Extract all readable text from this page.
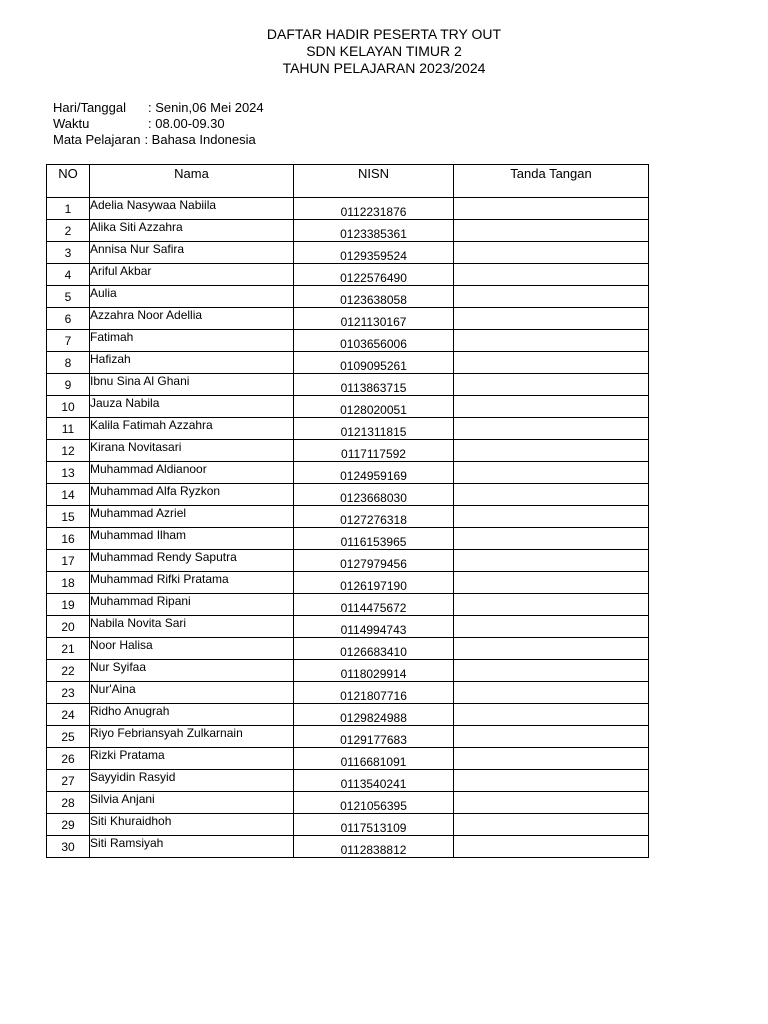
DAFTAR HADIR PESERTA TRY OUT
SDN KELAYAN TIMUR 2
TAHUN PELAJARAN 2023/2024
Hari/Tanggal	: Senin,06 Mei 2024
Waktu	: 08.00-09.30
Mata Pelajaran : Bahasa Indonesia
NO	Nama	NISN	Tanda Tangan
1	Adelia Nasywaa Nabiila	0112231876	
2	Alika Siti Azzahra	0123385361	
3	Annisa Nur Safira	0129359524	
4	Ariful Akbar	0122576490	
5	Aulia	0123638058	
6	Azzahra Noor Adellia	0121130167	
7	Fatimah	0103656006	
8	Hafizah	0109095261	
9	Ibnu Sina Al Ghani	0113863715	
10	Jauza Nabila	0128020051	
11	Kalila Fatimah Azzahra	0121311815	
12	Kirana Novitasari	0117117592	
13	Muhammad Aldianoor	0124959169	
14	Muhammad Alfa Ryzkon	0123668030	
15	Muhammad Azriel	0127276318	
16	Muhammad Ilham	0116153965	
17	Muhammad Rendy Saputra	0127979456	
18	Muhammad Rifki Pratama	0126197190	
19	Muhammad Ripani	0114475672	
20	Nabila Novita Sari	0114994743	
21	Noor Halisa	0126683410	
22	Nur Syifaa	0118029914	
23	Nur'Aina	0121807716	
24	Ridho Anugrah	0129824988	
25	Riyo Febriansyah Zulkarnain	0129177683	
26	Rizki Pratama	0116681091	
27	Sayyidin Rasyid	0113540241	
28	Silvia Anjani	0121056395	
29	Siti Khuraidhoh	0117513109	
30	Siti Ramsiyah	0112838812	
